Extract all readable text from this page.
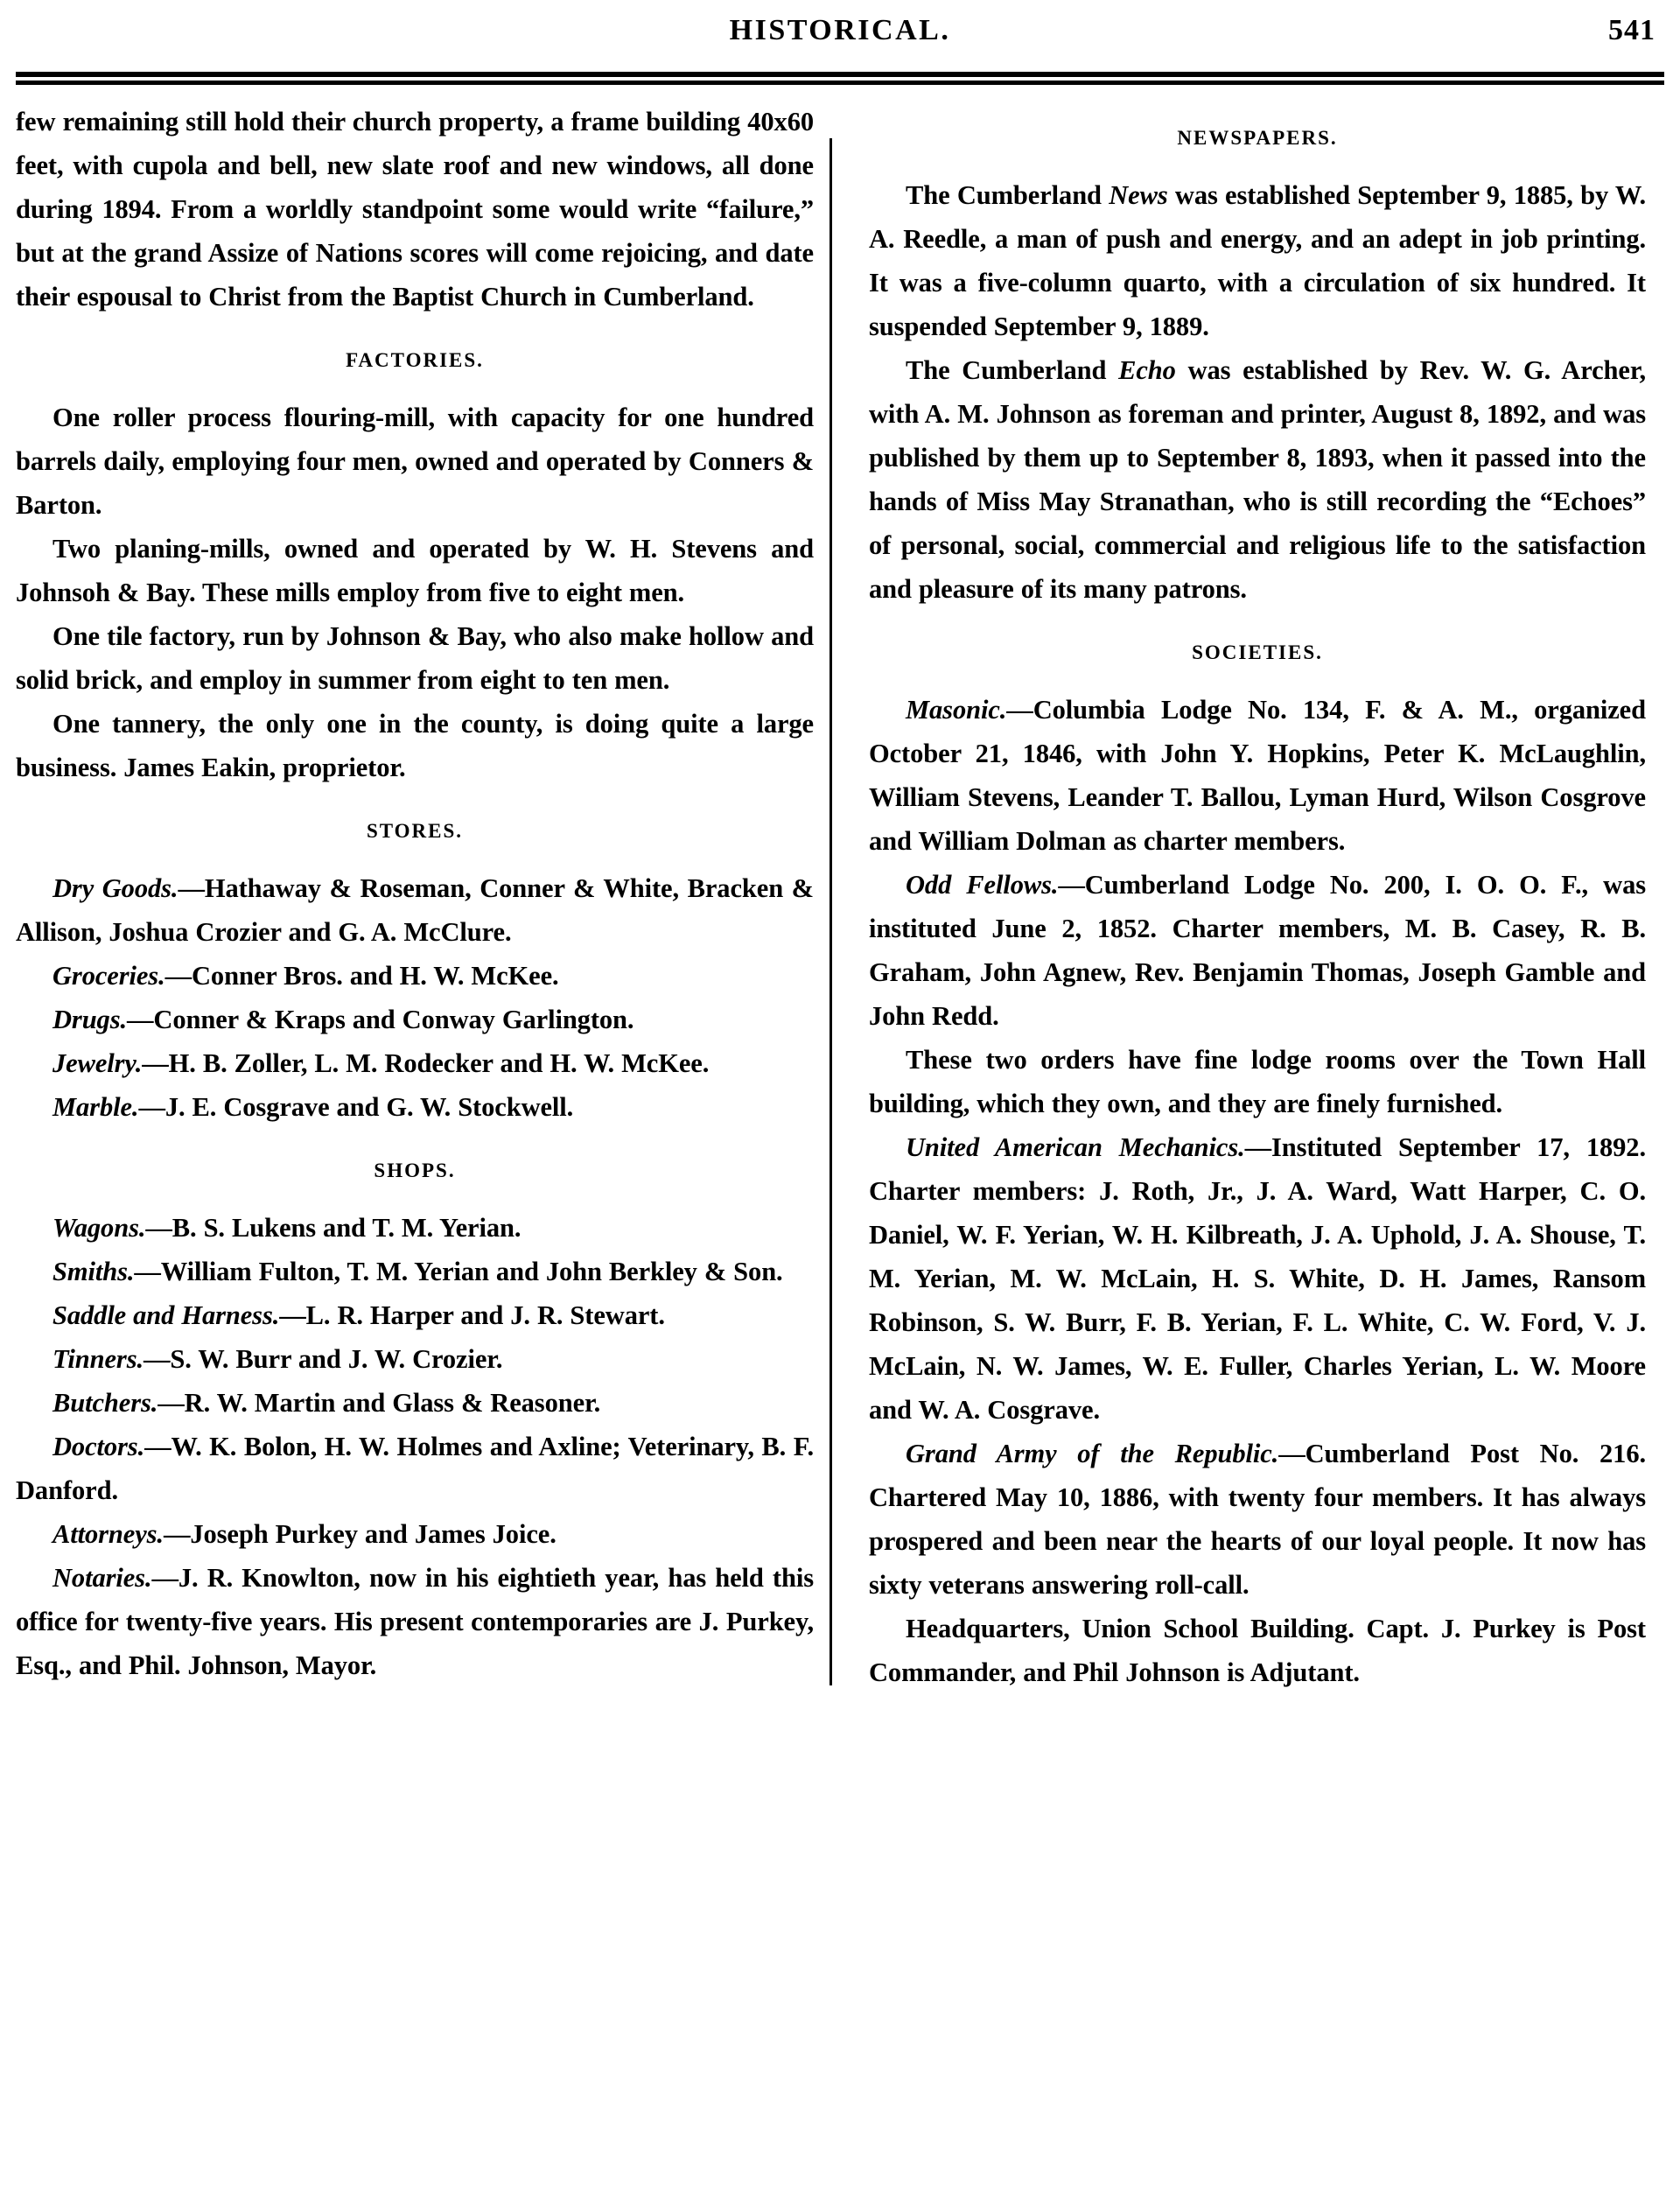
HISTORICAL.	541

few remaining still hold their church property, a frame building 40x60 feet, with cupola and bell, new slate roof and new windows, all done during 1894. From a worldly standpoint some would write “failure,” but at the grand Assize of Nations scores will come rejoicing, and date their espousal to Christ from the Baptist Church in Cumberland.

FACTORIES.

One roller process flouring-mill, with capacity for one hundred barrels daily, employing four men, owned and operated by Conners & Barton.

Two planing-mills, owned and operated by W. H. Stevens and Johnsoh & Bay. These mills employ from five to eight men.

One tile factory, run by Johnson & Bay, who also make hollow and solid brick, and employ in summer from eight to ten men.

One tannery, the only one in the county, is doing quite a large business. James Eakin, proprietor.

STORES.

Dry Goods.—Hathaway & Roseman, Conner & White, Bracken & Allison, Joshua Crozier and G. A. McClure.

Groceries.—Conner Bros. and H. W. McKee.

Drugs.—Conner & Kraps and Conway Garlington.

Jewelry.—H. B. Zoller, L. M. Rodecker and H. W. McKee.

Marble.—J. E. Cosgrave and G. W. Stockwell.

SHOPS.

Wagons.—B. S. Lukens and T. M. Yerian.

Smiths.—William Fulton, T. M. Yerian and John Berkley & Son.

Saddle and Harness.—L. R. Harper and J. R. Stewart.

Tinners.—S. W. Burr and J. W. Crozier.

Butchers.—R. W. Martin and Glass & Reasoner.

Doctors.—W. K. Bolon, H. W. Holmes and Axline; Veterinary, B. F. Danford.

Attorneys.—Joseph Purkey and James Joice.

Notaries.—J. R. Knowlton, now in his eightieth year, has held this office for twenty-five years. His present contemporaries are J. Purkey, Esq., and Phil. Johnson, Mayor.

NEWSPAPERS.

The Cumberland News was established September 9, 1885, by W. A. Reedle, a man of push and energy, and an adept in job printing. It was a five-column quarto, with a circulation of six hundred. It suspended September 9, 1889.

The Cumberland Echo was established by Rev. W. G. Archer, with A. M. Johnson as foreman and printer, August 8, 1892, and was published by them up to September 8, 1893, when it passed into the hands of Miss May Stranathan, who is still recording the “Echoes” of personal, social, commercial and religious life to the satisfaction and pleasure of its many patrons.

SOCIETIES.

Masonic.—Columbia Lodge No. 134, F. & A. M., organized October 21, 1846, with John Y. Hopkins, Peter K. McLaughlin, William Stevens, Leander T. Ballou, Lyman Hurd, Wilson Cosgrove and William Dolman as charter members.

Odd Fellows.—Cumberland Lodge No. 200, I. O. O. F., was instituted June 2, 1852. Charter members, M. B. Casey, R. B. Graham, John Agnew, Rev. Benjamin Thomas, Joseph Gamble and John Redd.

These two orders have fine lodge rooms over the Town Hall building, which they own, and they are finely furnished.

United American Mechanics.—Instituted September 17, 1892. Charter members: J. Roth, Jr., J. A. Ward, Watt Harper, C. O. Daniel, W. F. Yerian, W. H. Kilbreath, J. A. Uphold, J. A. Shouse, T. M. Yerian, M. W. McLain, H. S. White, D. H. James, Ransom Robinson, S. W. Burr, F. B. Yerian, F. L. White, C. W. Ford, V. J. McLain, N. W. James, W. E. Fuller, Charles Yerian, L. W. Moore and W. A. Cosgrave.

Grand Army of the Republic.—Cumberland Post No. 216. Chartered May 10, 1886, with twenty four members. It has always prospered and been near the hearts of our loyal people. It now has sixty veterans answering roll-call.

Headquarters, Union School Building. Capt. J. Purkey is Post Commander, and Phil Johnson is Adjutant.
